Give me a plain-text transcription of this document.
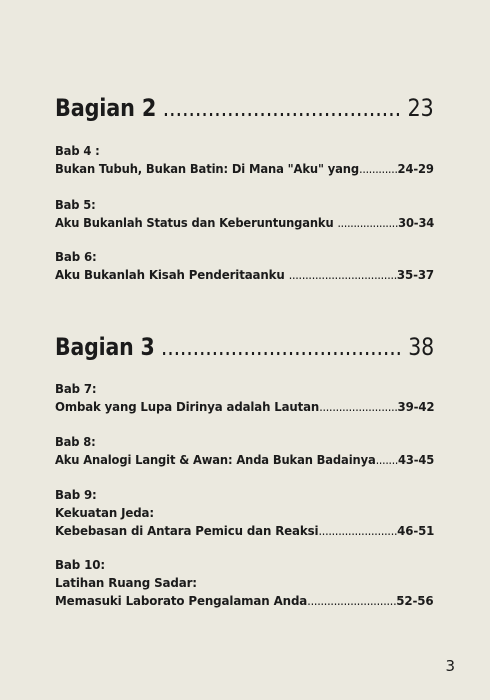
Bagian 2 ..................................... 23
Bab 4 :
Bukan Tubuh, Bukan Batin: Di Mana "Aku" yang............24-29
Bab 5:
Aku Bukanlah Status dan Keberuntunganku ...................30-34
Bab 6:
Aku Bukanlah Kisah Penderitaanku .................................35-37
Bagian 3 ...................................... 38
Bab 7:
Ombak yang Lupa Dirinya adalah Lautan........................39-42
Bab 8:
Aku Analogi Langit & Awan: Anda Bukan Badainya.......43-45
Bab 9:
Kekuatan Jeda:
Kebebasan di Antara Pemicu dan Reaksi........................46-51
Bab 10:
Latihan Ruang Sadar:
Memasuki Laborato Pengalaman Anda...........................52-56
3
